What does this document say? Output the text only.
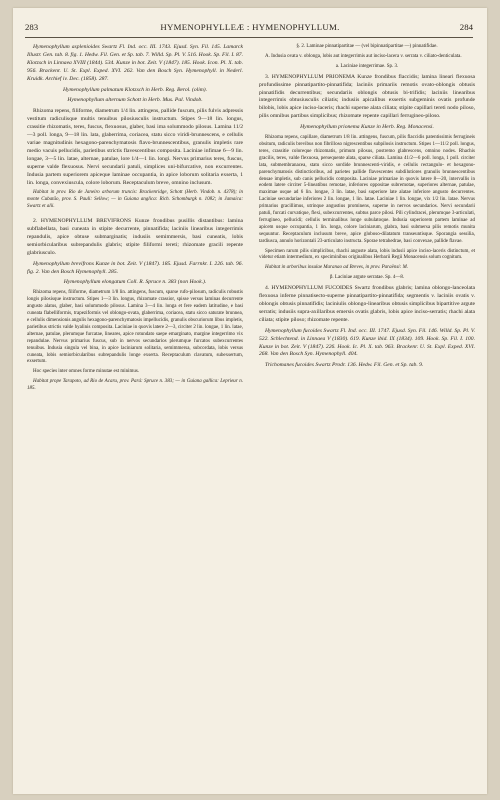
283	HYMENOPHYLLEÆ : HYMENOPHYLLUM.	284

Hymenophyllum asplenioides Swartz Fl. Ind. occ. III. 1743. Ejusd. Syn. Fil. 145. Lamarck Illustr. Gen. tab. 8. fig. 1. Hedw. Fil. Gen. et Sp. tab. 7. Willd. Sp. Pl. V. 516. Hook. Sp. Fil. I. 87. Klotzsch in Linnaea XVIII (1844). 534. Kunze in bot. Zeit. V (1847). 185. Hook. Icon. Pl. X. tab. 956. Brackenr. U. St. Expl. Exped. XVI. 262. Van den Bosch Syn. Hymenophyll. in Nederl. Kruidk. Archief iv. Dec. (1858). 287.

Hymenophyllum palmatum Klotzsch in Herb. Reg. Berol. (olim).

Hymenophyllum alternum Schott in Herb. Mus. Pal. Vindob.

Rhizoma repens, filiforme, diametrum 1/4 lin. attingens, pallide fuscum, pilis fulvis adpressis vestitum radiculisque multis tenuibus pilosiusculis instructum. Stipes 9—18 lin. longus, crassitie rhizomatis, teres, fuscus, flexuosus, glaber, basi ima solummodo pilosus. Lamina 11/2—3 poll. longa, 9—18 lin. lata, glaberrima, coriacea, statu sicco viridi-brunnescens, e cellulis variae magnitudinis hexagono-parenchymatosis flavo-brunnescentibus, granulis impletis rare medio vacuis pellucidis, parietibus strictis flavescentibus composita. Laciniae infimae 6—9 lin. longae, 3—5 lin. latae, alternae, patulae, lore 1/4—1 lin. longi. Nervus primarius teres, fuscus, superne valde flexuosus. Nervi secundarii patuli, simplices uni-bifurcative, non excurrentes. Indusia partem superiorem apiceque laminae occupantia, in apice loborum solitaria exserta, 1 lin. longa, convexiuscula, colore loborum. Receptaculum breve, omnino inclusum.

Habitat in prov. Rio de Janeiro arborum truncis: Brackenridge, Schott (Herb. Vindob. n. 4378); in monte Cubatão, prov. S. Pauli: Sellow; — in Guiana anglica: Rich. Schomburgk n. 1082; in Jamaica: Swartz et alii.

2. HYMENOPHYLLUM BREVIFRONS Kunze frondibus pusillis distantibus: lamina subflabellata, basi cuneata in stipite decurrente, pinnatifida; laciniis linearibus integerrimis repandulis, apice obtuse submarginatis; indusiis semimmersis, basi cuneatis, lobis semiorbicularibus subrepandulis glabris; stipite filiformi tereti; rhizomate gracili repente glabriusculo.

Hymenophyllum brevifrons Kunze in bot. Zeit. V (1847). 185. Ejusd. Farrnkr. I. 226. tab. 96. fig. 2. Van den Bosch Hymenophyll. 285.

Hymenophyllum elongatum Coll. R. Spruce n. 383 (non Hook.).

Rhizoma repens, filiforme, diametrum 1/8 lin. attingens, fuscum, sparse rufo-pilosum, radiculis robustis longis pilosisque instructum. Stipes 1—3 lin. longus, rhizomate crassior, spisse versus laminas decurrente angusto alatus, glaber, basi solummodo pilosus. Lamina 3—4 lin. longa et fere eadem latitudine, e basi cuneata flabelliformis, trapeziformis vel oblongo-ovata, glaberrima, coriacea, statu sicco saturate brunnea, e cellulis dimensionis angulis hexagono-parenchymatosis impellucidis, granulis obscuriorum libus impletis, parietibus strictis valde hyalinis composita. Laciniae in quovis latere 2—3, circiter 2 lin. longae, 1 lin. latae, alternae, patulae, plerumque furcatae, lineares, apice rotundato saepe emarginato, margine integerrimo vix repandulae. Nervus primarius fuscus, sub in nervos secundarios plerumque furcatos subexcurrentes tenuibus. Indusia singula vel bina, in apice laciniarum solitaria, semimmersa, subcordata, lobis versus cuneata, lobis semiorbicularibus subrepandulis longe exserta. Receptaculum clavatum, subexsertum, exsertum.

Hoc species inter omnes forme minutae est minimus.

Habitat prope Tarapoto, ad Rio de Acaru, prov. Pará: Spruce n. 383; — in Guiana gallica: Leprieur n. 185.

§. 2. Laminae pinnatipartitae — (vel bipinnatipartitae —) pinnatifidae.

A. Indusia ovata v. oblonga, lobis aut integerrimis aut inciso-lacera v. serrata v. ciliato-denticulata.

a. Laciniae integerrimae. Sp. 3.

3. HYMENOPHYLLUM PRIONEMA Kunze frondibus flaccidis; lamina lineari flexuosa profundissime pinnatipartito-pinnatifida; laciniis primariis remotis ovato-oblongis obtusis pinnatifidis decurrentibus; secundariis oblongis obtusis bi-trifidis; laciniis linearibus integerrimis obtusiusculis ciliatis; indusiis apicalibus exsertis subgeminis ovatis profunde bilobis, lobis apice inciso-laceris; rhachi superne alata ciliata; stipite capillari tereti nodo piloso, pilis omnibus partibus simplicibus; rhizomate repente capillari ferrugineo-piloso.

Hymenophyllum prionema Kunze in Herb. Reg. Monacensi.

Rhizoma repens, capillare, diametrum 1/8 lin. attingens, fuscum, pilis flaccidis patentissimis ferrugineis obsitum, radiculis brevibus non fibrilloso nigrescentibus subpilosis instructum. Stipes 1—11/2 poll. longus, teres, crassitie coloreque rhizomatis, primum pilosus, postremo glabrescens, omnino nodes. Rhachis gracilis, teres, valde flexuosa, persequente alata, sparse ciliata. Lamina 41/2—6 poll. longa, 1 poll. circiter lata, submembranacea, statu sicco sordide brunnescenti-viridis, e cellulis rectangulo- et hexagono-parenchymatosis distinctioribus, ad parietes pallide flavescentes subdilutiores granulis brunnescentibus densae impletis, sub canis pellucidis composita. Laciniae primariae in quovis latere 8—20, intervallis in eodem latere circiter 5-lineatibus remotae, inferiores oppositae subremotae, superiores alternae, patulae, maximae usque ad 6 lin. longae, 3 lin. latae, basi superiore late alatae inferiore angusto decurrentes. Laciniae secundariae inferiores 2 lin. longae, 1 lin. latae. Laciniae 1 lin. longae, vix 1/2 lin. latae. Nervus primarius gracillimus, utrinque angustius prominens, superne in nervos secundarios. Nervi secundarii patuli, furcati curvatique, flexi, subexcurrentes, subtus parce pilosi. Pili cylindracei, plerumque 3-articulati, ferrugineo, pellucidi; cellulis terminalibus longe subulatoque. Indusia superiorem partem laminae ad apicem usque occupantia, 1 lin. longa, colore laciniarum, glabra, basi submersa pilis remotis munita sequuntur. Receptaculum inclusum breve, apice globoso-dilatatum transeuntisque. Sporangia sessilia, tardiusca, annulo horizontali 23-articulato instructa. Sporae tetrahedrae, basi convexae, pallide flavae.

Specimen rarum pilis simplicibus, rhachi angustе alata, lobis indusii apice inciso-laceris distinctum, et videtur etiam intermedium, ex speciminibus originalibus Herbarii Regii Monacensis solum cognitum.

Habitat in arboribus insulae Maranao ad Breves, in prov. Paraënsi: M.

β. Laciniae argute serratae. Sp. 4—8.

4. HYMENOPHYLLUM FUCOIDES Swartz frondibus glabris; lamina oblongo-lanceolata flexuosa inferne pinnatisecto-superne pinnatipartito-pinnatifida; segmentis v. laciniis ovatis v. oblongis obtusis pinnatifidis; laciniulis oblongo-linearibus obtusis simplicibus bipartitive argute serratis; indusiis supra-axillaribus emersis ovatis glabris, lobis apice inciso-serratis; rhachi alata ciliata; stipite piloso; rhizomate repente.

Hymenophyllum fucoides Swartz Fl. Ind. occ. III. 1747. Ejusd. Syn. Fil. 146. Willd. Sp. Pl. V. 522. Schlechtend. in Linnaea V (1830). 619. Kunze ibid. IX (1834). 109. Hook. Sp. Fil. I. 100. Kunze in bot. Zeit. V (1847). 226. Hook. Ic. Pl. X. tab. 963. Brackenr. U. St. Expl. Exped. XVI. 268. Van den Bosch Syn. Hymenophyll. 404.

Trichomanes fucoides Swartz Prodr. 136. Hedw. Fil. Gen. et Sp. tab. 9.
